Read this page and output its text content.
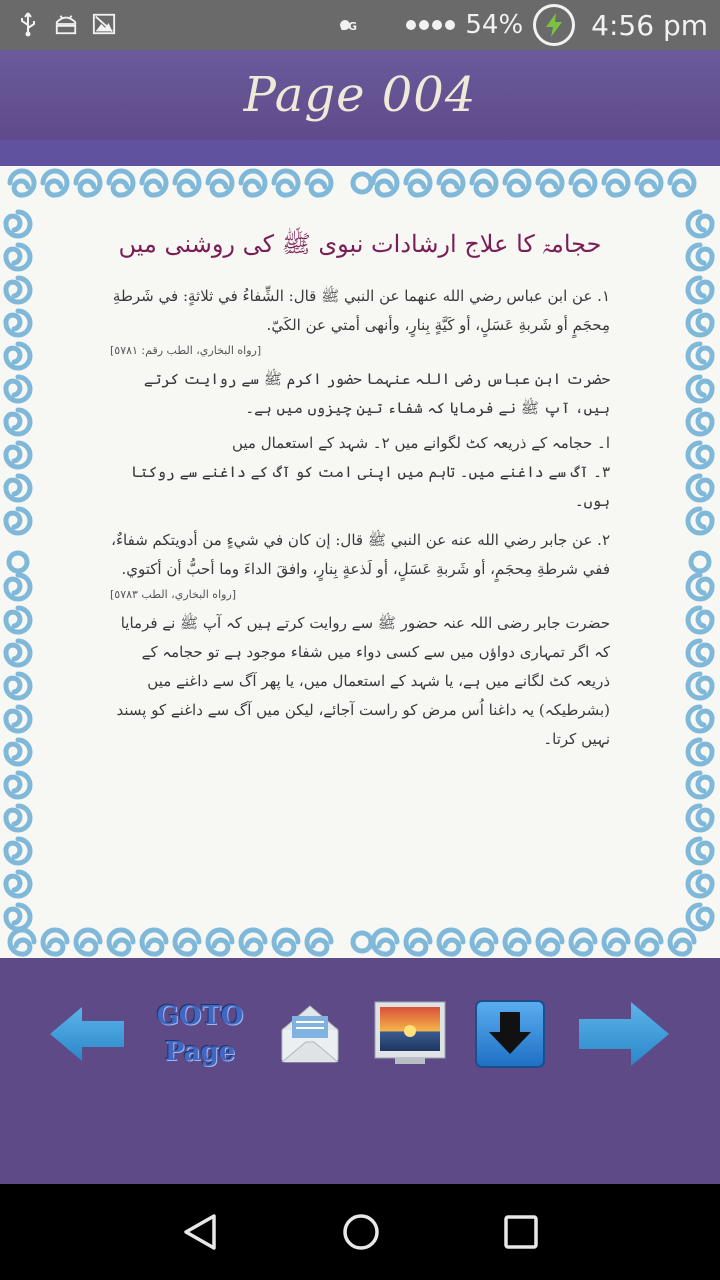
3G	54% 4:56 pm
Page 004
حجامۃ کا علاج ارشادات نبوی ﷺ کی روشنی میں
١. عن ابن عباس رضي الله عنهما عن النبي ﷺ قال: الشِّفاءُ في ثلاثةٍ: في شَرطةِ مِحجَمٍ أو شَربةِ عَسَلٍ، أو كَيَّةٍ بِنارٍ، وأنهى أمتي عن الكَيّ.
[رواه البخاري، الطب رقم: ٥٧٨١]
حضرت ابن عباس رضی اللہ عنہما حضور اکرم ﷺ سے روایت کرتے ہیں، آپ ﷺ نے فرمایا کہ شفاء تین چیزوں میں ہے۔
ا۔ حجامہ کے ذریعہ کٹ لگوانے میں ۲۔ شہد کے استعمال میں
۳۔ آگ سے داغنے میں۔ تاہم میں اپنی امت کو آگ کے داغنے سے روکتا ہوں۔
٢. عن جابر رضي الله عنه عن النبي ﷺ قال: إن كان في شيءٍ من أدويتكم شفاءٌ، ففي شرطةِ مِحجَمٍ، أو شَربةِ عَسَلٍ، أو لَذعةٍ بِنارٍ، وافقَ الداءَ وما أحبُّ أن أكتوي.
[رواه البخاري، الطب ٥٧٨٣]
حضرت جابر رضی اللہ عنہ حضور ﷺ سے روایت کرتے ہیں کہ آپ ﷺ نے فرمایا کہ اگر تمہاری دواؤں میں سے کسی دواء میں شفاء موجود ہے تو حجامہ کے ذریعہ کٹ لگانے میں ہے، یا شہد کے استعمال میں، یا پھر آگ سے داغنے میں (بشرطیکہ) یہ داغنا اُس مرض کو راست آجائے، لیکن میں آگ سے داغنے کو پسند نہیں کرتا۔
GOTO
Page
